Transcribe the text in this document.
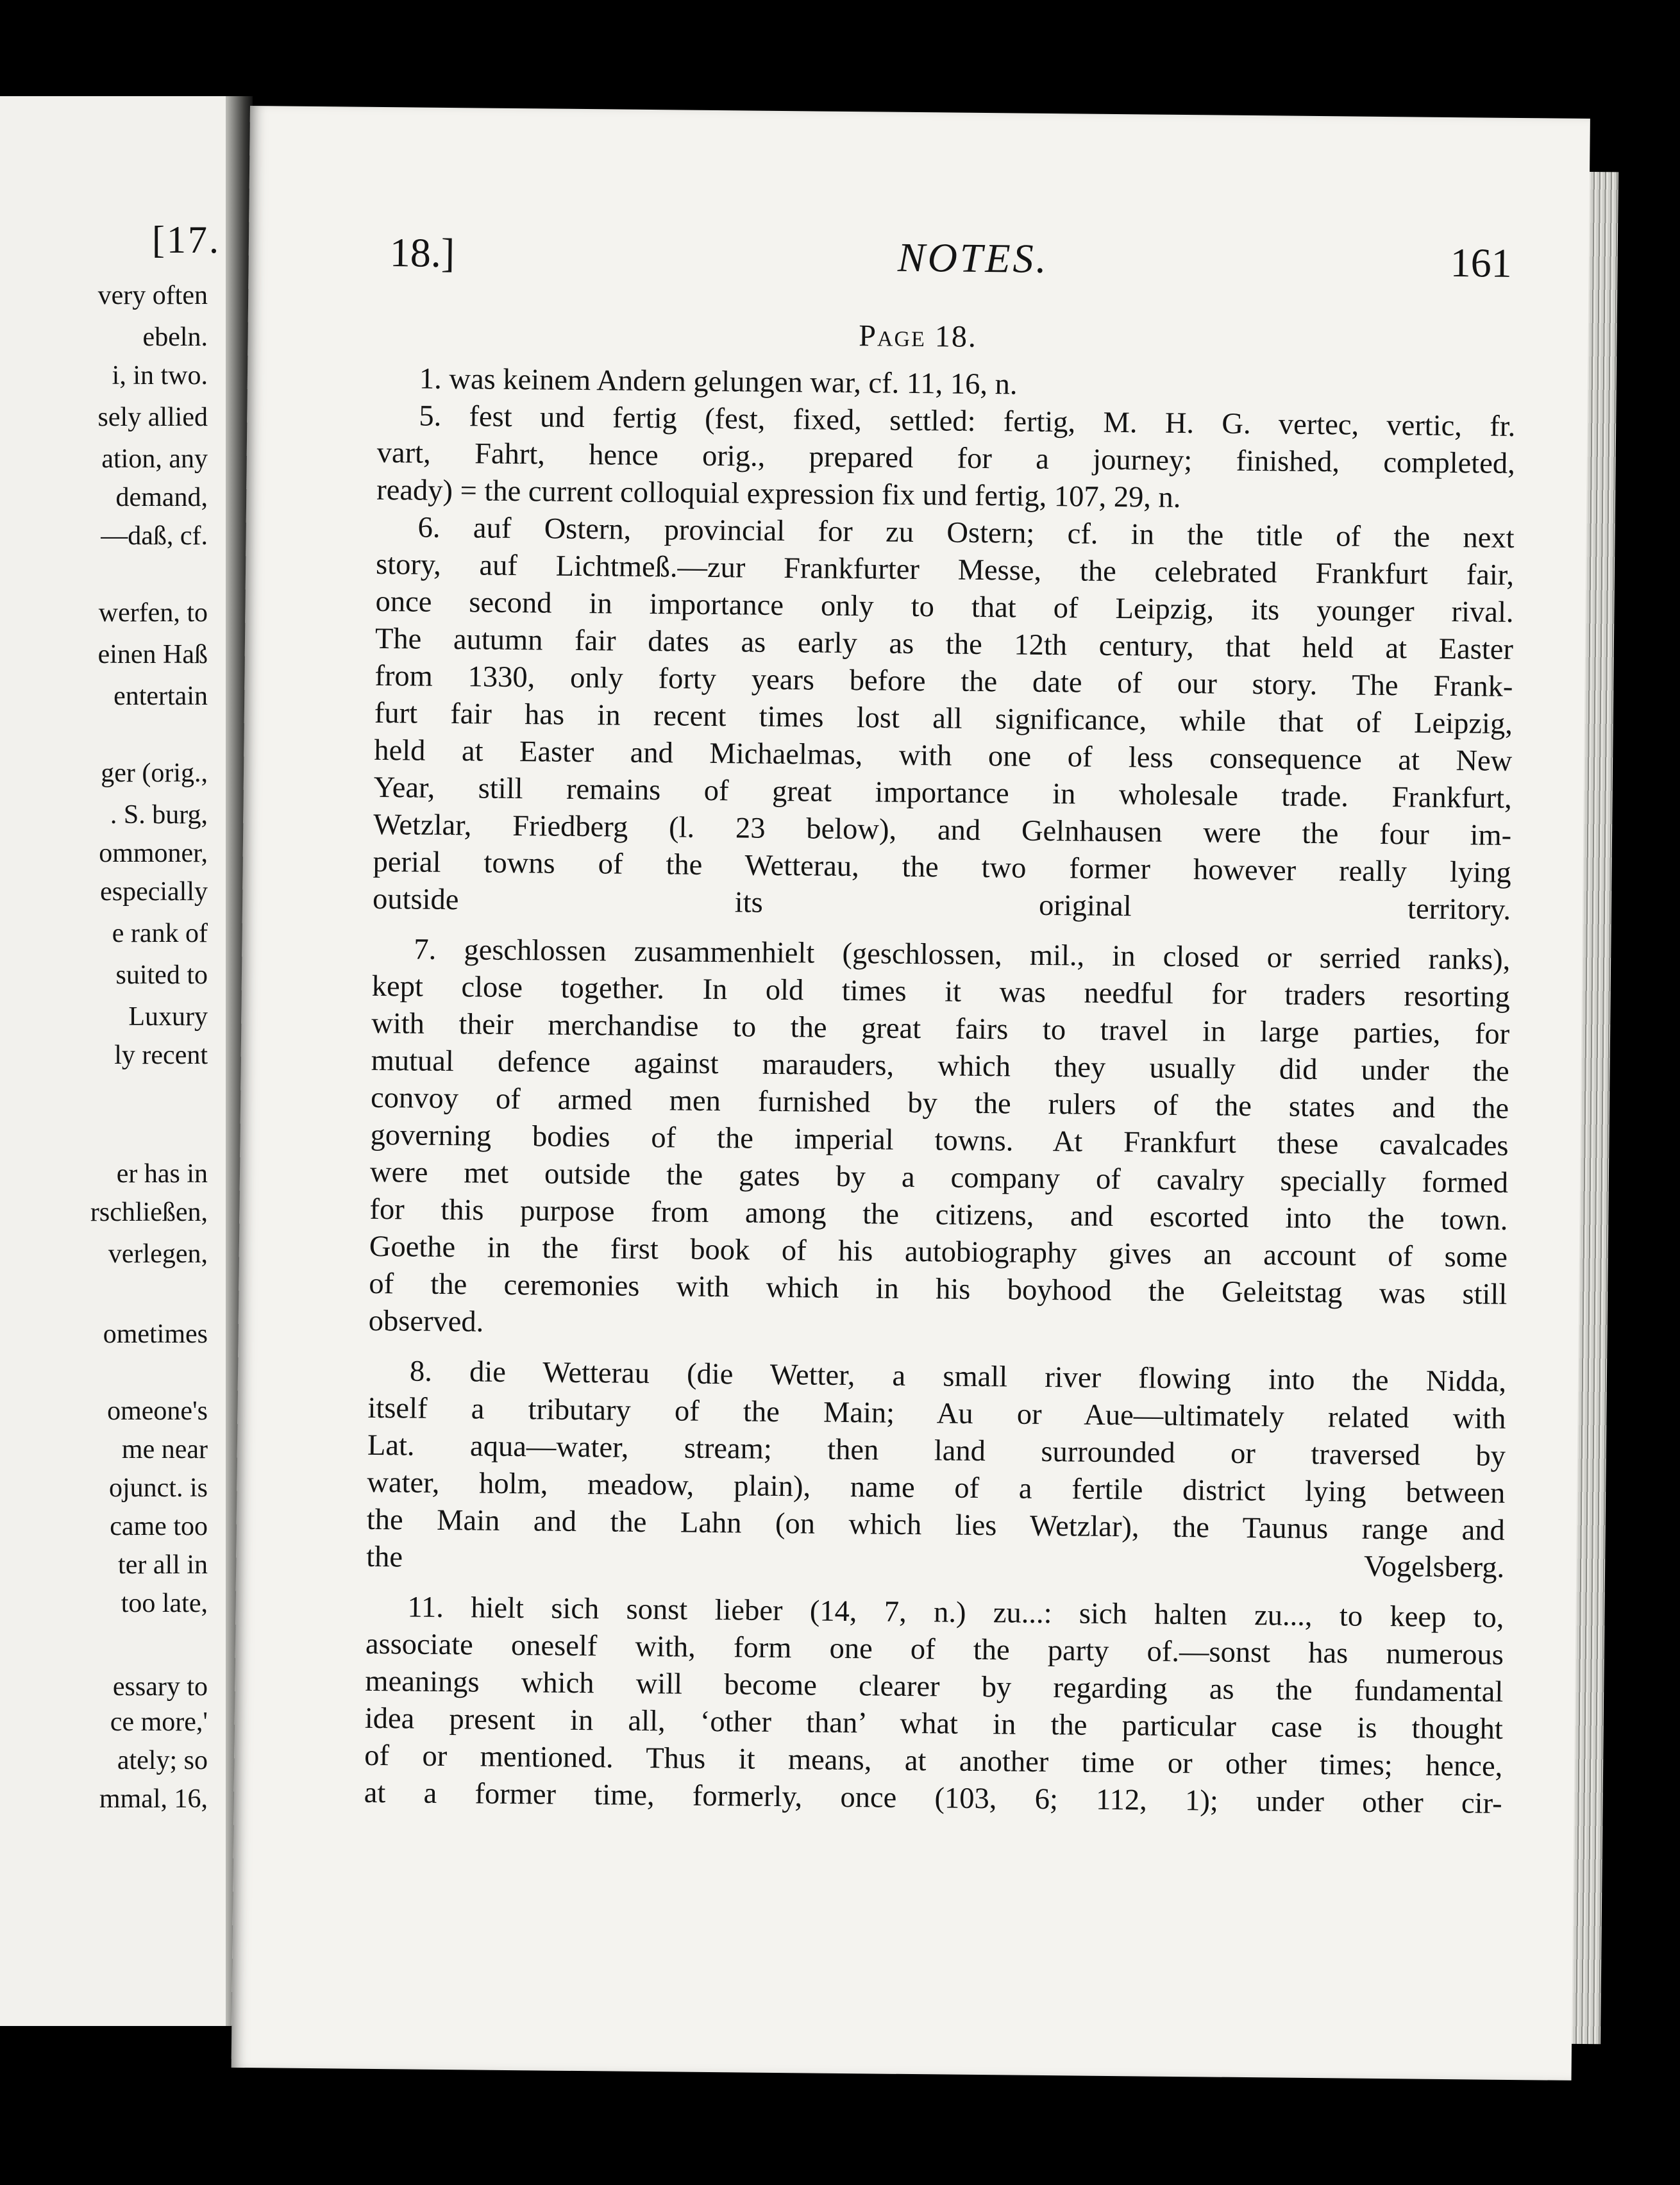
[17.
very often
ebeln.
i, in two.
sely allied
ation, any
demand,
—daß, cf.
werfen, to
einen Haß
entertain
ger (orig.,
. S. burg,
ommoner,
especially
e rank of
suited to
Luxury
ly recent
er has in
rschließen,
verlegen,
ometimes
omeone's
me near
ojunct. is
came too
ter all in
too late,
essary to
ce more,'
ately; so
mmal, 16,
18.]	NOTES.	161
Page 18.
1. was keinem Andern gelungen war, cf. 11, 16, n.
5. fest und fertig (fest, fixed, settled: fertig, M. H. G. vertec, vertic, fr.
vart, Fahrt, hence orig., prepared for a journey; finished, completed,
ready) = the current colloquial expression fix und fertig, 107, 29, n.
6. auf Ostern, provincial for zu Ostern; cf. in the title of the next
story, auf Lichtmeß.—zur Frankfurter Messe, the celebrated Frankfurt fair,
once second in importance only to that of Leipzig, its younger rival.
The autumn fair dates as early as the 12th century, that held at Easter
from 1330, only forty years before the date of our story. The Frank-
furt fair has in recent times lost all significance, while that of Leipzig,
held at Easter and Michaelmas, with one of less consequence at New
Year, still remains of great importance in wholesale trade. Frankfurt,
Wetzlar, Friedberg (l. 23 below), and Gelnhausen were the four im-
perial towns of the Wetterau, the two former however really lying
outside its original territory.
7. geschlossen zusammenhielt (geschlossen, mil., in closed or serried ranks),
kept close together. In old times it was needful for traders resorting
with their merchandise to the great fairs to travel in large parties, for
mutual defence against marauders, which they usually did under the
convoy of armed men furnished by the rulers of the states and the
governing bodies of the imperial towns. At Frankfurt these cavalcades
were met outside the gates by a company of cavalry specially formed
for this purpose from among the citizens, and escorted into the town.
Goethe in the first book of his autobiography gives an account of some
of the ceremonies with which in his boyhood the Geleitstag was still
observed.
8. die Wetterau (die Wetter, a small river flowing into the Nidda,
itself a tributary of the Main; Au or Aue—ultimately related with
Lat. aqua—water, stream; then land surrounded or traversed by
water, holm, meadow, plain), name of a fertile district lying between
the Main and the Lahn (on which lies Wetzlar), the Taunus range and
the Vogelsberg.
11. hielt sich sonst lieber (14, 7, n.) zu...: sich halten zu..., to keep to,
associate oneself with, form one of the party of.—sonst has numerous
meanings which will become clearer by regarding as the fundamental
idea present in all, ‘other than’ what in the particular case is thought
of or mentioned. Thus it means, at another time or other times; hence,
at a former time, formerly, once (103, 6; 112, 1); under other cir-
